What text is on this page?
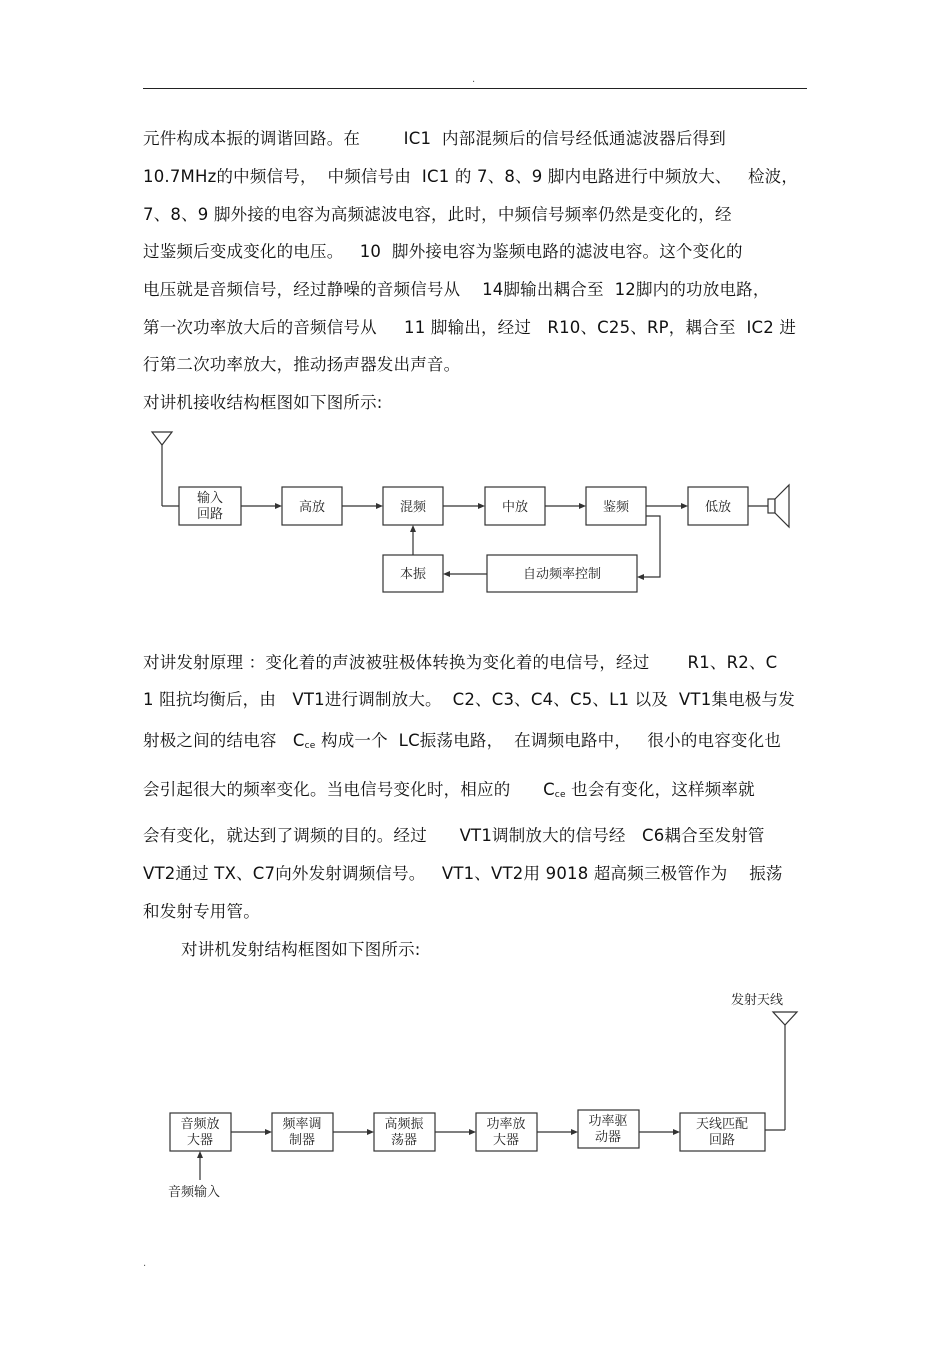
.
元件构成本振的调谐回路。在        IC1  内部混频后的信号经低通滤波器后得到
10.7MHz的中频信号，  中频信号由  IC1 的 7、8、9 脚内电路进行中频放大、   检波，
7、8、9 脚外接的电容为高频滤波电容，此时，中频信号频率仍然是变化的，经
过鉴频后变成变化的电压。   10  脚外接电容为鉴频电路的滤波电容。这个变化的
电压就是音频信号，经过静噪的音频信号从    14脚输出耦合至  12脚内的功放电路，
第一次功率放大后的音频信号从     11 脚输出，经过   R10、C25、RP，耦合至  IC2 进
行第二次功率放大，推动扬声器发出声音。
对讲机接收结构框图如下图所示:
输入
回路	高放	混频	中放	鉴频	低放
本振	自动频率控制
对讲发射原理 ：变化着的声波被驻极体转换为变化着的电信号，经过       R1、R2、C
1 阻抗均衡后，由   VT1进行调制放大。  C2、C3、C4、C5、L1 以及  VT1集电极与发
射极之间的结电容   $C_{ce}$ 构成一个  LC振荡电路，  在调频电路中，   很小的电容变化也
会引起很大的频率变化。当电信号变化时，相应的      $C_{ce}$ 也会有变化，这样频率就
会有变化，就达到了调频的目的。经过      VT1调制放大的信号经   C6耦合至发射管
VT2通过 TX、C7向外发射调频信号。   VT1、VT2用 9018 超高频三极管作为    振荡
和发射专用管。
对讲机发射结构框图如下图所示:
发射天线
音频放
大器
频率调
制器
高频振
荡器
功率放
大器
功率驱
动器
天线匹配
回路
音频输入
.
